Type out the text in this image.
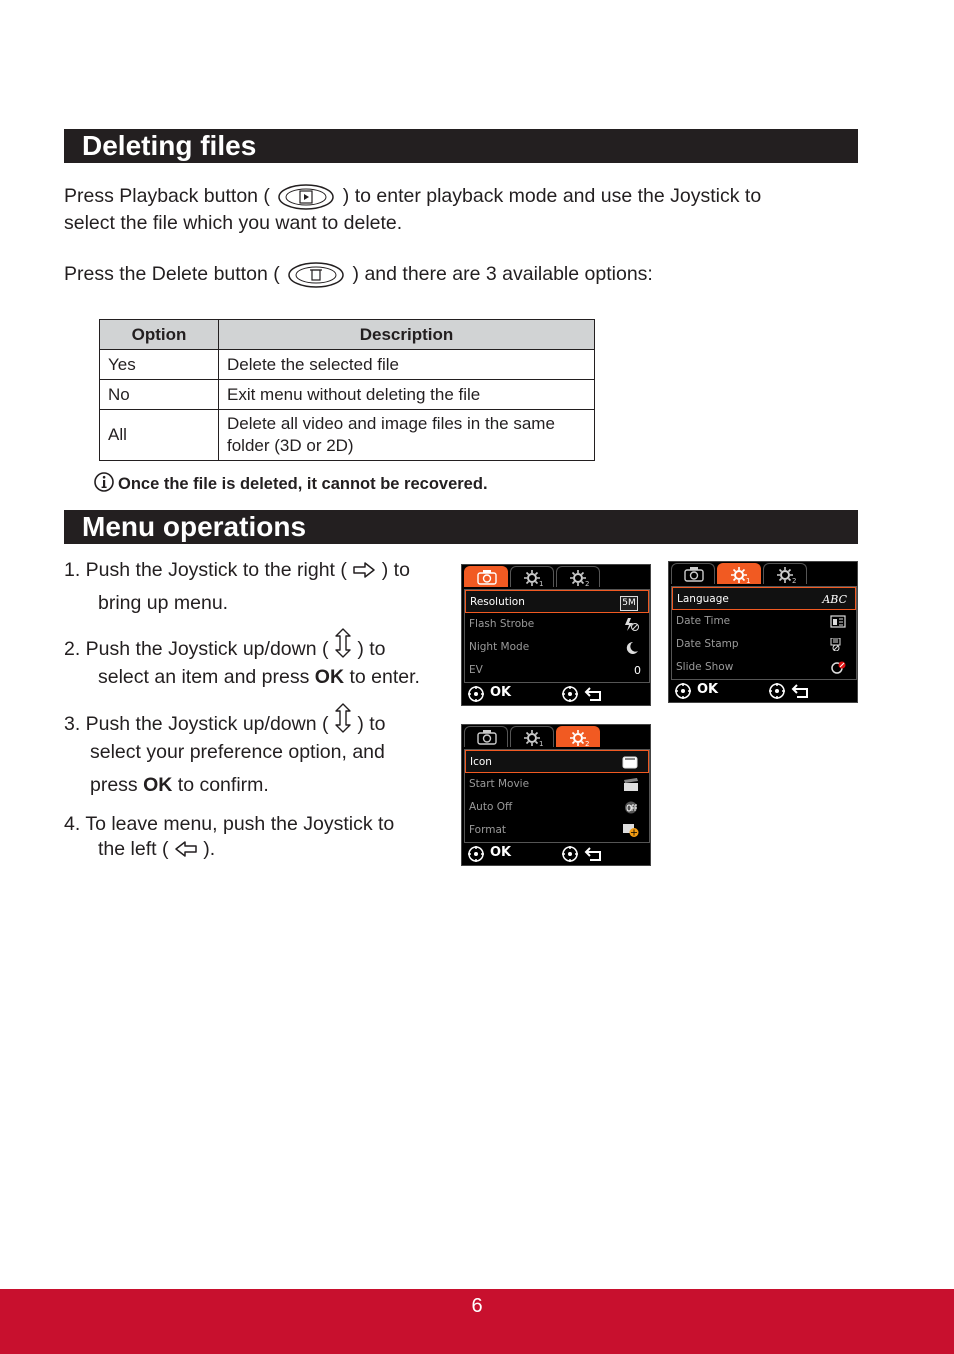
Deleting files
Press Playback button (	) to enter playback mode and use the Joystick to
select the file which you want to delete.
Press the Delete button (	) and there are 3 available options:
Option	Description
Yes	Delete the selected file
No	Exit menu without deleting the file
All	Delete all video and image files in the same
folder (3D or 2D)
Once the file is deleted, it cannot be recovered.
Menu operations
1. Push the Joystick to the right ( ) to
bring up menu.
2. Push the Joystick up/down ( ) to
select an item and press OK to enter.
3. Push the Joystick up/down ( ) to
select your preference option, and
press OK to confirm.
4. To leave menu, push the Joystick to
the left ( ).
1	2
Resolution	5M
Flash Strobe
Night Mode
EV	0
OK
1	2
Language	ABC
Date Time
Date Stamp
Slide Show
OK
1	2
Icon
Start Movie
Auto Off
Format
OK
6
